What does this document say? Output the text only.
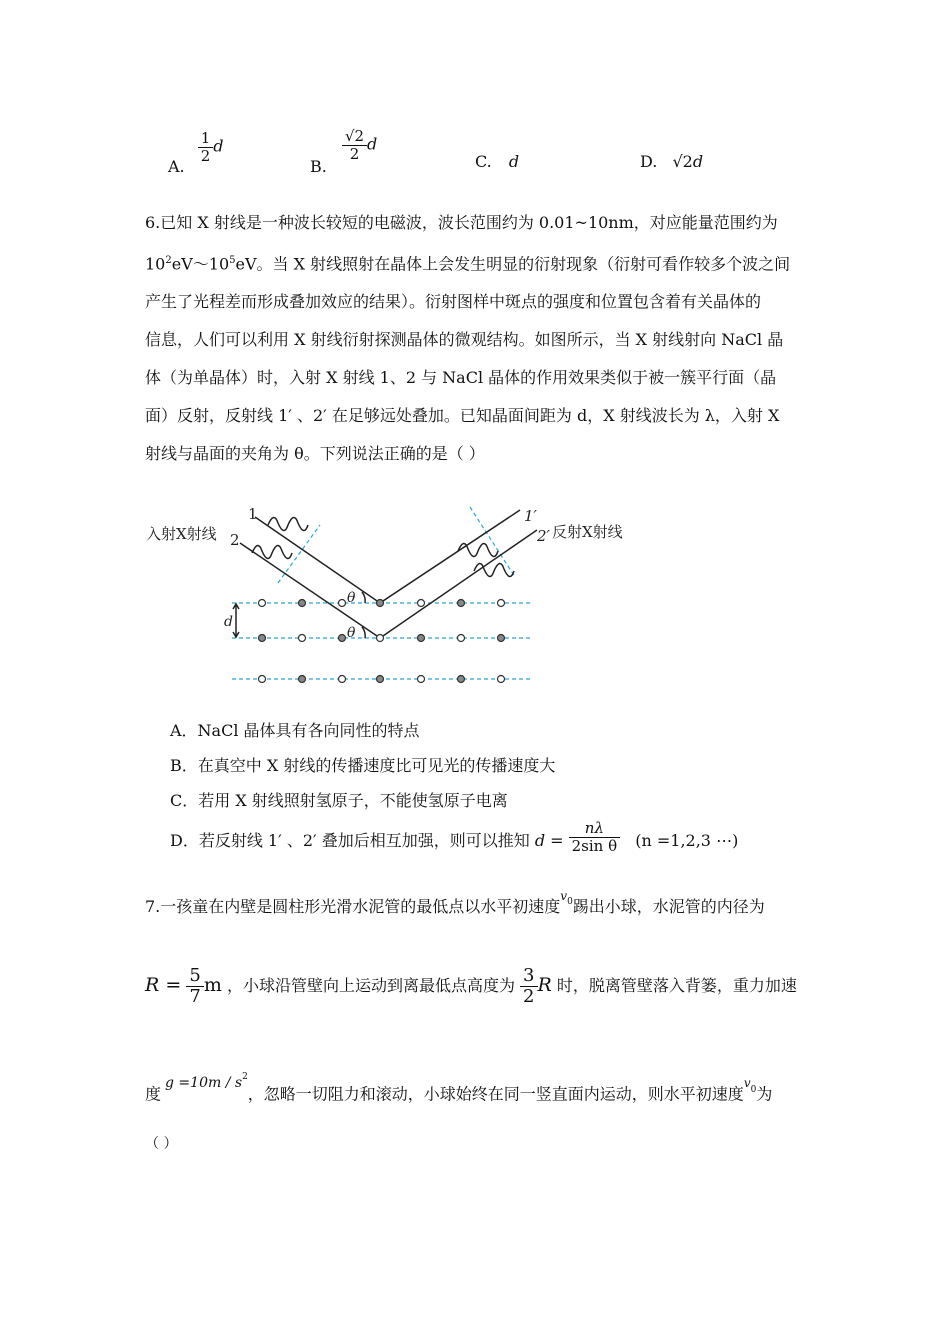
A.
$\frac{1}{2}$ d
B.
$\frac{√2}{2}$ d
C. d	D. √2d
6.已知 X 射线是一种波长较短的电磁波，波长范围约为 0.01~10nm，对应能量范围约为
$10^2eV\sim 10^5eV$。当 X 射线照射在晶体上会发生明显的衍射现象（衍射可看作较多个波之间
产生了光程差而形成叠加效应的结果）。衍射图样中斑点的强度和位置包含着有关晶体的
信息，人们可以利用 X 射线衍射探测晶体的微观结构。如图所示，当 X 射线射向 NaCl 晶
体（为单晶体）时，入射 X 射线 1、2 与 NaCl 晶体的作用效果类似于被一簇平行面（晶
面）反射，反射线 1′ 、2′ 在足够远处叠加。已知晶面间距为 d，X 射线波长为 λ，入射 X
射线与晶面的夹角为 θ。下列说法正确的是（ ）
入射X射线	反射X射线
1
2
1′
2′
θ
θ
d
A．NaCl 晶体具有各向同性的特点
B．在真空中 X 射线的传播速度比可见光的传播速度大
C．若用 X 射线照射氢原子，不能使氢原子电离
D．若反射线 1′ 、2′ 叠加后相互加强，则可以推知 $d = \frac{n\lambda}{\text{2sin θ}} (n =1,2,3$ ⋯)
7.一孩童在内壁是圆柱形光滑水泥管的最低点以水平初速度$^v_0$踢出小球，水泥管的内径为
$R = \frac{5}{7}$ m ，小球沿管壁向上运动到离最低点高度为 $\frac{3}{2}$ R 时，脱离管壁落入背篓，重力加速
度$g =10m / s^2$，忽略一切阻力和滚动，小球始终在同一竖直面内运动，则水平初速度$^v_0$为
（ ）
